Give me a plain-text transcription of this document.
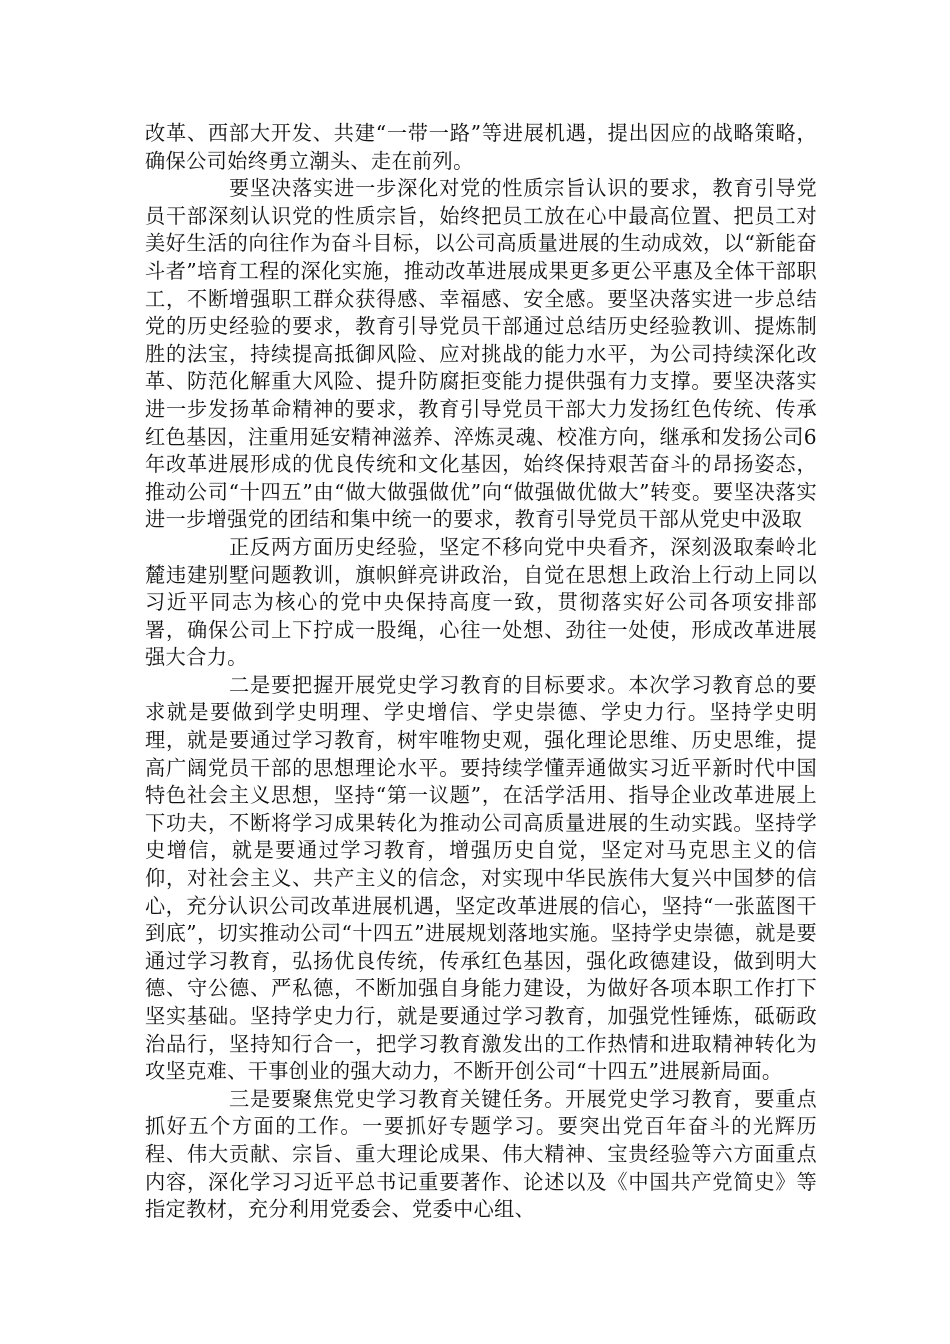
改革、西部大开发、共建“一带一路”等进展机遇，提出因应的战略策略，确保公司始终勇立潮头、走在前列。

要坚决落实进一步深化对党的性质宗旨认识的要求，教育引导党员干部深刻认识党的性质宗旨，始终把员工放在心中最高位置、把员工对美好生活的向往作为奋斗目标，以公司高质量进展的生动成效，以“新能奋斗者”培育工程的深化实施，推动改革进展成果更多更公平惠及全体干部职工，不断增强职工群众获得感、幸福感、安全感。要坚决落实进一步总结党的历史经验的要求，教育引导党员干部通过总结历史经验教训、提炼制胜的法宝，持续提高抵御风险、应对挑战的能力水平，为公司持续深化改革、防范化解重大风险、提升防腐拒变能力提供强有力支撑。要坚决落实进一步发扬革命精神的要求，教育引导党员干部大力发扬红色传统、传承红色基因，注重用延安精神滋养、淬炼灵魂、校准方向，继承和发扬公司6 年改革进展形成的优良传统和文化基因，始终保持艰苦奋斗的昂扬姿态，推动公司“十四五”由“做大做强做优”向“做强做优做大”转变。要坚决落实进一步增强党的团结和集中统一的要求，教育引导党员干部从党史中汲取

正反两方面历史经验，坚定不移向党中央看齐，深刻汲取秦岭北麓违建别墅问题教训，旗帜鲜亮讲政治，自觉在思想上政治上行动上同以习近平同志为核心的党中央保持高度一致，贯彻落实好公司各项安排部署，确保公司上下拧成一股绳，心往一处想、劲往一处使，形成改革进展强大合力。

二是要把握开展党史学习教育的目标要求。本次学习教育总的要求就是要做到学史明理、学史增信、学史崇德、学史力行。坚持学史明理，就是要通过学习教育，树牢唯物史观，强化理论思维、历史思维，提高广阔党员干部的思想理论水平。要持续学懂弄通做实习近平新时代中国特色社会主义思想，坚持“第一议题”，在活学活用、指导企业改革进展上下功夫，不断将学习成果转化为推动公司高质量进展的生动实践。坚持学史增信，就是要通过学习教育，增强历史自觉，坚定对马克思主义的信仰，对社会主义、共产主义的信念，对实现中华民族伟大复兴中国梦的信心，充分认识公司改革进展机遇，坚定改革进展的信心，坚持“一张蓝图干到底”，切实推动公司“十四五”进展规划落地实施。坚持学史崇德，就是要通过学习教育，弘扬优良传统，传承红色基因，强化政德建设，做到明大德、守公德、严私德，不断加强自身能力建设，为做好各项本职工作打下坚实基础。坚持学史力行，就是要通过学习教育，加强党性锤炼，砥砺政治品行，坚持知行合一，把学习教育激发出的工作热情和进取精神转化为攻坚克难、干事创业的强大动力，不断开创公司“十四五”进展新局面。

三是要聚焦党史学习教育关键任务。开展党史学习教育，要重点抓好五个方面的工作。一要抓好专题学习。要突出党百年奋斗的光辉历程、伟大贡献、宗旨、重大理论成果、伟大精神、宝贵经验等六方面重点内容，深化学习习近平总书记重要著作、论述以及《中国共产党简史》等指定教材，充分利用党委会、党委中心组、
